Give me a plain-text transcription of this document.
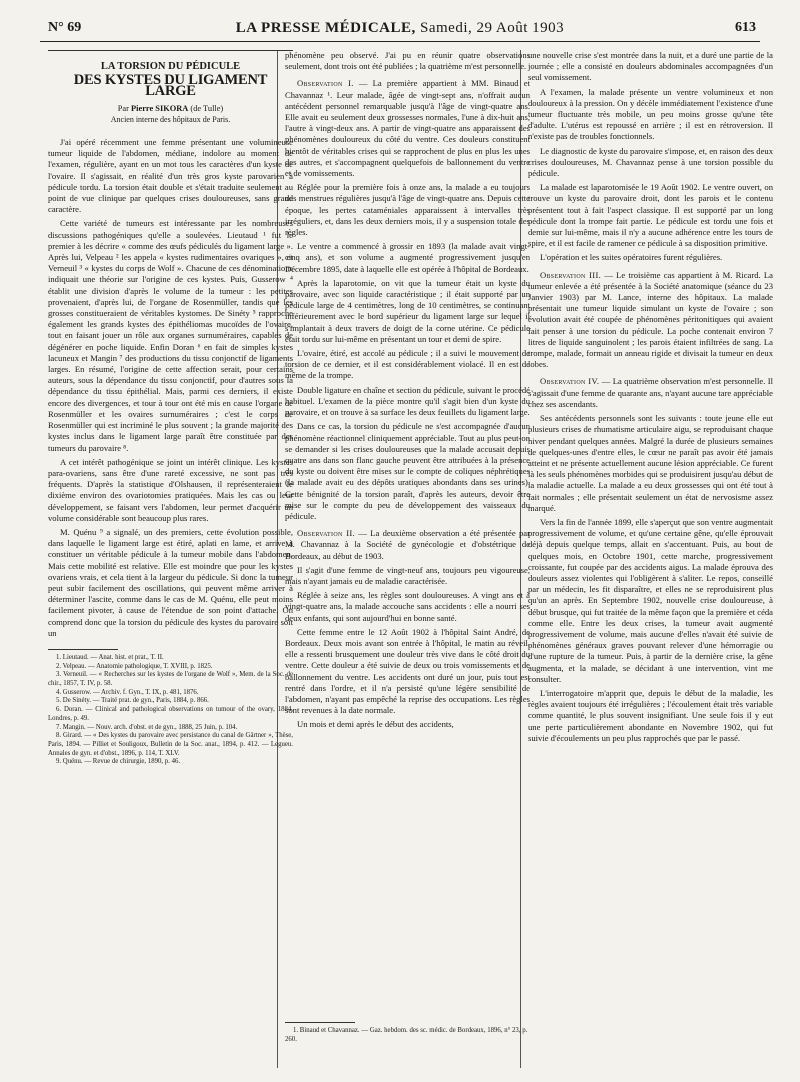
N° 69	LA PRESSE MÉDICALE, Samedi, 29 Août 1903	613

LA TORSION DU PÉDICULE

DES KYSTES DU LIGAMENT LARGE

Par Pierre SIKORA (de Tulle)

Ancien interne des hôpitaux de Paris.

J'ai opéré récemment une femme présentant une volumineuse tumeur liquide de l'abdomen, médiane, indolore au moment de l'examen, régulière, ayant en un mot tous les caractères d'un kyste de l'ovaire. Il s'agissait, en réalité d'un très gros kyste parovarien à pédicule tordu. La torsion était double et s'était traduite seulement au point de vue clinique par quelques crises douloureuses, sans grand caractère.

Cette variété de tumeurs est intéressante par les nombreuses discussions pathogéniques qu'elle a soulevées. Lieutaud ¹ fut le premier à les décrire « comme des œufs pédiculés du ligament large ». Après lui, Velpeau ² les appela « kystes rudimentaires ovariques », et Verneuil ³ « kystes du corps de Wolf ». Chacune de ces dénominations indiquait une théorie sur l'origine de ces kystes. Puis, Gusserow ⁴ établit une division d'après le volume de la tumeur : les petites provenaient, d'après lui, de l'organe de Rosenmüller, tandis que les grosses constitueraient de véritables kystomes. De Sinéty ⁵ rapproche également les grands kystes des épithéliomas mucoïdes de l'ovaire, tout en faisant jouer un rôle aux organes surnuméraires, capables de dégénérer en poche liquide. Enfin Doran ⁶ en fait de simples kystes lacuneux et Mangin ⁷ des productions du tissu conjonctif de ligaments larges. En résumé, l'origine de cette affection serait, pour certains auteurs, sous la dépendance du tissu conjonctif, pour d'autres sous la dépendance du tissu épithélial. Mais, parmi ces derniers, il existe encore des divergences, et tour à tour ont été mis en cause l'organe de Rosenmüller et les ovaires surnuméraires ; c'est le corps de Rosenmüller qui est incriminé le plus souvent ; la grande majorité des kystes inclus dans le ligament large paraît être constituée par des tumeurs du parovaire ⁸.

A cet intérêt pathogénique se joint un intérêt clinique. Les kystes para-ovariens, sans être d'une rareté excessive, ne sont pas très fréquents. D'après la statistique d'Olshausen, il représenteraient le dixième environ des ovariotomies pratiquées. Mais les cas ou leur développement, se faisant vers l'abdomen, leur permet d'acquérir un volume considérable sont beaucoup plus rares.

M. Quénu ⁹ a signalé, un des premiers, cette évolution possible, dans laquelle le ligament large est étiré, aplati en lame, et arrive à constituer un véritable pédicule à la tumeur mobile dans l'abdomen. Mais cette mobilité est relative. Elle est moindre que pour les kystes ovariens vrais, et cela tient à la largeur du pédicule. Si donc la tumeur peut subir facilement des oscillations, qui peuvent même arriver à déterminer l'ascite, comme dans le cas de M. Quénu, elle peut moins facilement pivoter, à cause de l'étendue de son point d'attache. On comprend donc que la torsion du pédicule des kystes du parovaire soit un

1. Lieutaud. — Anat. hist. et prat., T. II.

2. Velpeau. — Anatomie pathologique, T. XVIII, p. 1825.

3. Verneuil. — « Recherches sur les kystes de l'organe de Wolf », Mem. de la Soc. de chir., 1857, T. IV, p. 58.

4. Gusserow. — Archiv. f. Gyn., T. IX, p. 481, 1876.

5. De Sinéty. — Traité prat. de gyn., Paris, 1884, p. 866.

6. Doran. — Clinical and pathological observations on tumour of the ovary, 1884, Londres, p. 49.

7. Mangin. — Nouv. arch. d'obst. et de gyn., 1888, 25 Juin, p. 104.

8. Girard. — « Des kystes du parovaire avec persistance du canal de Gärtner », Thèse, Paris, 1894. — Pilliet et Souligoux, Bulletin de la Soc. anat., 1894, p. 412. — Legueu. Annales de gyn. et d'obst., 1896, p. 114, T. XLV.

9. Quénu. — Revue de chirurgie, 1890, p. 46.

phénomène peu observé. J'ai pu en réunir quatre observations seulement, dont trois ont été publiées ; la quatrième m'est personnelle.

Observation I. — La première appartient à MM. Binaud et Chavannaz ¹. Leur malade, âgée de vingt-sept ans, n'offrait aucun antécédent personnel remarquable jusqu'à l'âge de vingt-quatre ans. Elle avait eu seulement deux grossesses normales, l'une à dix-huit ans, l'autre à vingt-deux ans. A partir de vingt-quatre ans apparaissent des phénomènes douloureux du côté du ventre. Ces douleurs constituent bientôt de véritables crises qui se rapprochent de plus en plus les unes des autres, et s'accompagnent quelquefois de ballonnement du ventre et de vomissements.

Réglée pour la première fois à onze ans, la malade a eu toujours des menstrues régulières jusqu'à l'âge de vingt-quatre ans. Depuis cette époque, les pertes cataméniales apparaissent à intervalles très irréguliers, et, dans les deux derniers mois, il y a suspension totale des règles.

Le ventre a commencé à grossir en 1893 (la malade avait vingt-cinq ans), et son volume a augmenté progressivement jusqu'en Décembre 1895, date à laquelle elle est opérée à l'hôpital de Bordeaux.

Après la laparotomie, on vit que la tumeur était un kyste du parovaire, avec son liquide caractéristique ; il était supporté par un pédicule large de 4 centimètres, long de 10 centimètres, se continuant inférieurement avec le bord supérieur du ligament large sur lequel il s'implantait à deux travers de doigt de la corne utérine. Ce pédicule était tordu sur lui-même en présentant un tour et demi de spire.

L'ovaire, étiré, est accolé au pédicule ; il a suivi le mouvement de torsion de ce dernier, et il est considérablement violacé. Il en est de même de la trompe.

Double ligature en chaîne et section du pédicule, suivant le procédé habituel. L'examen de la pièce montre qu'il s'agit bien d'un kyste du parovaire, et on trouve à sa surface les deux feuillets du ligament large.

Dans ce cas, la torsion du pédicule ne s'est accompagnée d'aucun phénomène réactionnel cliniquement appréciable. Tout au plus peut-on se demander si les crises douloureuses que la malade accusait depuis quatre ans dans son flanc gauche peuvent être attribuées à la présence du kyste ou doivent être mises sur le compte de coliques néphrétiques (la malade avait eu des dépôts uratiques abondants dans ses urines). Cette bénignité de la torsion paraît, d'après les auteurs, devoir être mise sur le compte du peu de développement des vaisseaux du pédicule.

Observation II. — La deuxième observation a été présentée par M. Chavannaz à la Société de gynécologie et d'obstétrique de Bordeaux, au début de 1903.

Il s'agit d'une femme de vingt-neuf ans, toujours peu vigoureuse, mais n'ayant jamais eu de maladie caractérisée.

Réglée à seize ans, les règles sont douloureuses. A vingt ans et à vingt-quatre ans, la malade accouche sans accidents : elle a nourri ses deux enfants, qui sont aujourd'hui en bonne santé.

Cette femme entre le 12 Août 1902 à l'hôpital Saint André, de Bordeaux. Deux mois avant son entrée à l'hôpital, le matin au réveil, elle a ressenti brusquement une douleur très vive dans le côté droit du ventre. Cette douleur a été suivie de deux ou trois vomissements et de ballonnement du ventre. Les accidents ont duré un jour, puis tout est rentré dans l'ordre, et il n'a persisté qu'une légère sensibilité de l'abdomen, n'ayant pas empêché la reprise des occupations. Les règles sont revenues à la date normale.

Un mois et demi après le début des accidents,

1. Binaud et Chavannaz. — Gaz. hebdom. des sc. médic. de Bordeaux, 1896, n° 23, p. 260.

une nouvelle crise s'est montrée dans la nuit, et a duré une partie de la journée ; elle a consisté en douleurs abdominales accompagnées d'un seul vomissement.

A l'examen, la malade présente un ventre volumineux et non douloureux à la pression. On y décèle immédiatement l'existence d'une tumeur fluctuante très mobile, un peu moins grosse qu'une tête d'adulte. L'utérus est repoussé en arrière ; il est en rétroversion. Il n'existe pas de troubles fonctionnels.

Le diagnostic de kyste du parovaire s'impose, et, en raison des deux crises douloureuses, M. Chavannaz pense à une torsion possible du pédicule.

La malade est laparotomisée le 19 Août 1902. Le ventre ouvert, on trouve un kyste du parovaire droit, dont les parois et le contenu présentent tout à fait l'aspect classique. Il est supporté par un long pédicule dont la trompe fait partie. Le pédicule est tordu une fois et demie sur lui-même, mais il n'y a aucune adhérence entre les tours de spire, et il est facile de ramener ce pédicule à sa disposition primitive.

L'opération et les suites opératoires furent régulières.

Observation III. — Le troisième cas appartient à M. Ricard. La tumeur enlevée a été présentée à la Société anatomique (séance du 23 Janvier 1903) par M. Lance, interne des hôpitaux. La malade présentait une tumeur liquide simulant un kyste de l'ovaire ; son évolution avait été coupée de phénomènes péritonitiques qui avaient fait penser à une torsion du pédicule. La poche contenait environ 7 litres de liquide sanguinolent ; les parois étaient infiltrées de sang. La trompe, malade, formait un anneau rigide et divisait la tumeur en deux lobes.

Observation IV. — La quatrième observation m'est personnelle. Il s'agissait d'une femme de quarante ans, n'ayant aucune tare appréciable chez ses ascendants.

Ses antécédents personnels sont les suivants : toute jeune elle eut plusieurs crises de rhumatisme articulaire aigu, se reproduisant chaque hiver pendant quelques années. Malgré la durée de plusieurs semaines de quelques-unes d'entre elles, le cœur ne paraît pas avoir été jamais atteint et ne présente actuellement aucune lésion appréciable. Ce furent là les seuls phénomènes morbides qui se produisirent jusqu'au début de la maladie actuelle. La malade a eu deux grossesses qui ont été tout à fait normales ; elle présentait seulement un état de nervosisme assez marqué.

Vers la fin de l'année 1899, elle s'aperçut que son ventre augmentait progressivement de volume, et qu'une certaine gêne, qu'elle éprouvait déjà depuis quelque temps, allait en s'accentuant. Puis, au bout de quelques mois, en Octobre 1901, cette marche, progressivement croissante, fut coupée par des accidents aigus. La malade éprouva des douleurs assez violentes qui l'obligèrent à s'aliter. Le repos, conseillé par un médecin, les fit disparaître, et elles ne se reproduisirent plus qu'un an après. En Septembre 1902, nouvelle crise douloureuse, à début brusque, qui fut traitée de la même façon que la première et céda comme elle. Entre les deux crises, la tumeur avait augmenté progressivement de volume, mais aucune d'elles n'avait été suivie de phénomènes généraux graves pouvant relever d'une hémorragie ou d'une rupture de la tumeur. Puis, à partir de la dernière crise, la gêne augmenta, et la malade, se décidant à une intervention, vint me consulter.

L'interrogatoire m'apprit que, depuis le début de la maladie, les règles avaient toujours été irrégulières ; l'écoulement était très variable comme quantité, le plus souvent insignifiant. Une seule fois il y eut une perte particulièrement abondante en Novembre 1902, qui fut suivie d'écoulements un peu plus rapprochés que par le passé.
